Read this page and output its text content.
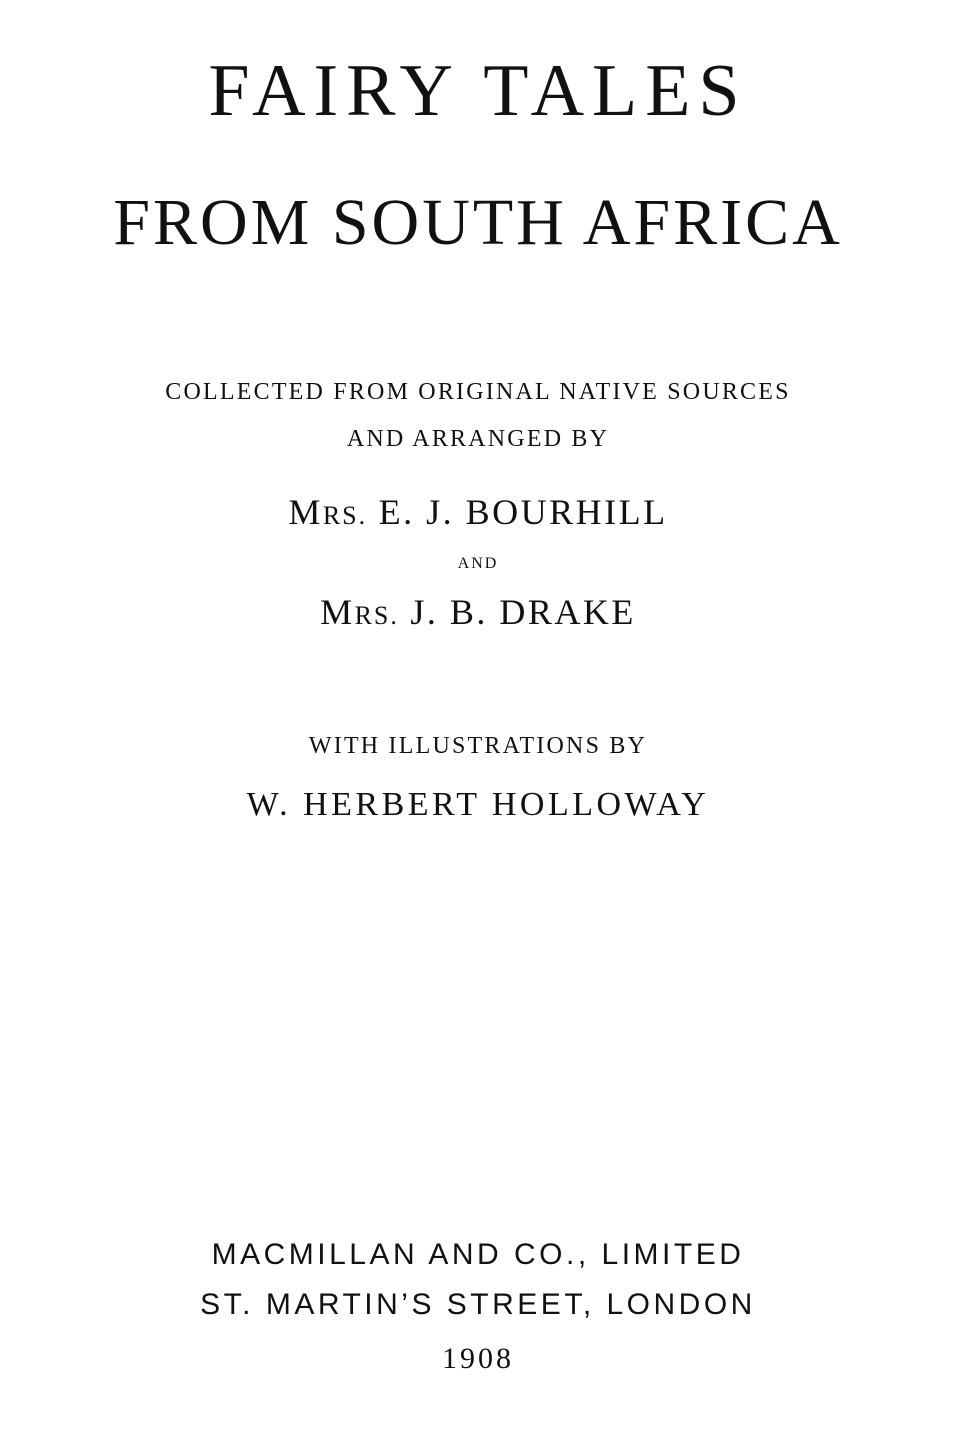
FAIRY TALES
FROM SOUTH AFRICA
COLLECTED FROM ORIGINAL NATIVE SOURCES
AND ARRANGED BY
MRS. E. J. BOURHILL
AND
MRS. J. B. DRAKE
WITH ILLUSTRATIONS BY
W. HERBERT HOLLOWAY
MACMILLAN AND CO., LIMITED
ST. MARTIN’S STREET, LONDON
1908
